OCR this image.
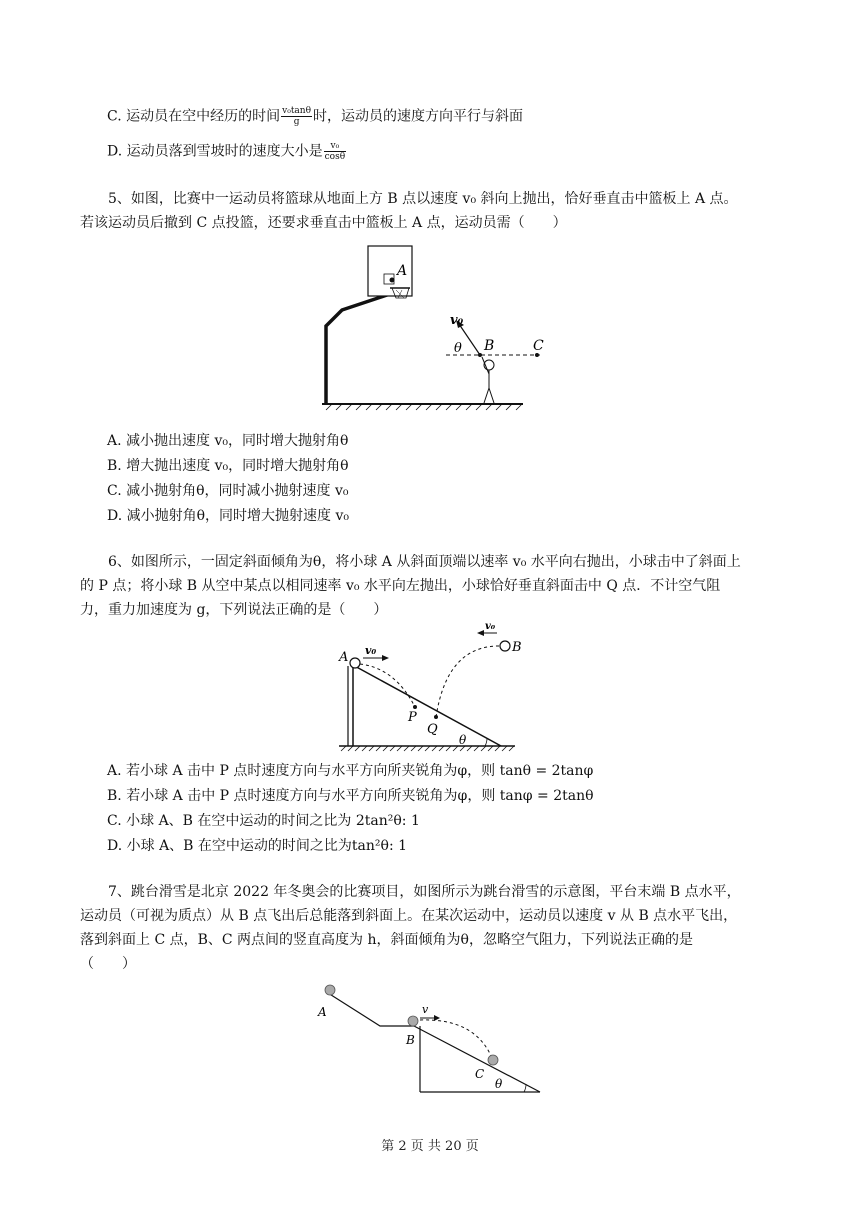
C. 运动员在空中经历的时间 $\frac{\text{v₀tanθ}}{g}$ 时，运动员的速度方向平行与斜面
D. 运动员落到雪坡时的速度大小是 $\frac{\text{v₀}}{\cos\theta}$

5、如图，比赛中一运动员将篮球从地面上方 B 点以速度 v₀ 斜向上抛出，恰好垂直击中篮板上 A 点。

若该运动员后撤到 C 点投篮，还要求垂直击中篮板上 A 点，运动员需（　　）

A
v₀
θ B	C
A. 减小抛出速度 v₀，同时增大抛射角θ
B. 增大抛出速度 v₀，同时增大抛射角θ
C. 减小抛射角θ，同时减小抛射速度 v₀
D. 减小抛射角θ，同时增大抛射速度 v₀

6、如图所示，一固定斜面倾角为θ，将小球 A 从斜面顶端以速率 v₀ 水平向右抛出，小球击中了斜面上

的 P 点；将小球 B 从空中某点以相同速率 v₀ 水平向左抛出，小球恰好垂直斜面击中 Q 点．不计空气阻

力，重力加速度为 g，下列说法正确的是（　　）

θ
A v₀
P
B
v₀
Q
A. 若小球 A 击中 P 点时速度方向与水平方向所夹锐角为φ，则 tanθ = 2tanφ
B. 若小球 A 击中 P 点时速度方向与水平方向所夹锐角为φ，则 tanφ = 2tanθ
C. 小球 A、B 在空中运动的时间之比为 2tan²θ: 1
D. 小球 A、B 在空中运动的时间之比为tan²θ: 1

7、跳台滑雪是北京 2022 年冬奥会的比赛项目，如图所示为跳台滑雪的示意图，平台末端 B 点水平，

运动员（可视为质点）从 B 点飞出后总能落到斜面上。在某次运动中，运动员以速度 v 从 B 点水平飞出，

落到斜面上 C 点，B、C 两点间的竖直高度为 h，斜面倾角为θ，忽略空气阻力，下列说法正确的是

（　　）

A
θ
B
v
C
第 2 页 共 20 页
